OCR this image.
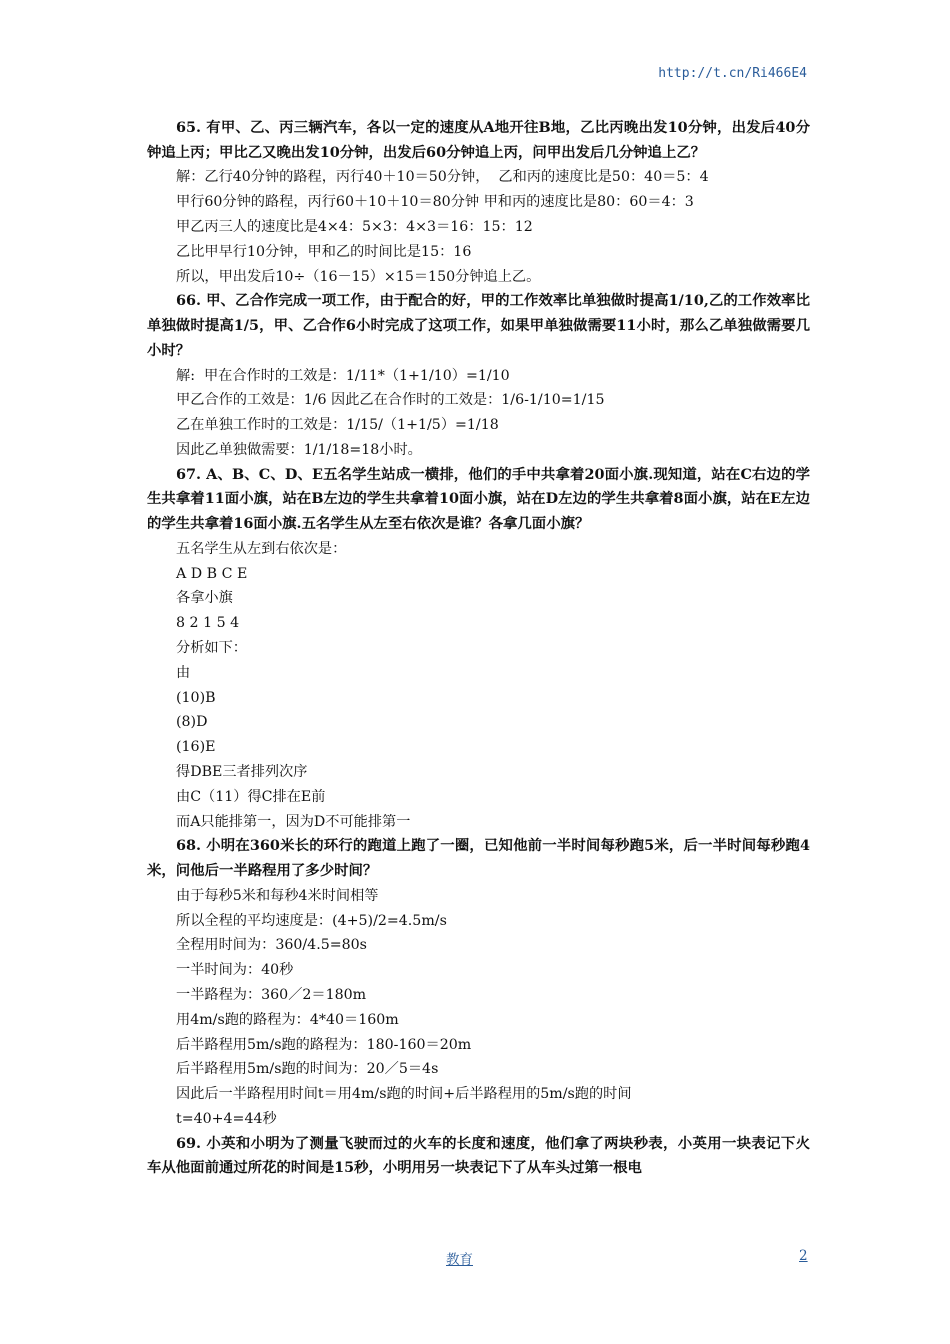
http://t.cn/Ri466E4

65. 有甲、乙、丙三辆汽车，各以一定的速度从A地开往B地，乙比丙晚出发10分钟，出发后40分钟追上丙；甲比乙又晚出发10分钟，出发后60分钟追上丙，问甲出发后几分钟追上乙？

解：乙行40分钟的路程，丙行40＋10＝50分钟，  乙和丙的速度比是50：40＝5：4

甲行60分钟的路程，丙行60＋10＋10＝80分钟 甲和丙的速度比是80：60＝4：3

甲乙丙三人的速度比是4×4：5×3：4×3＝16：15：12

乙比甲早行10分钟，甲和乙的时间比是15：16

所以，甲出发后10÷（16－15）×15＝150分钟追上乙。

66. 甲、乙合作完成一项工作，由于配合的好，甲的工作效率比单独做时提高1/10,乙的工作效率比单独做时提高1/5，甲、乙合作6小时完成了这项工作，如果甲单独做需要11小时，那么乙单独做需要几小时？

解:  甲在合作时的工效是：1/11*（1+1/10）=1/10

甲乙合作的工效是：1/6 因此乙在合作时的工效是：1/6-1/10=1/15

乙在单独工作时的工效是：1/15/（1+1/5）=1/18

因此乙单独做需要：1/1/18=18小时。

67. A、B、C、D、E五名学生站成一横排，他们的手中共拿着20面小旗.现知道，站在C右边的学生共拿着11面小旗，站在B左边的学生共拿着10面小旗，站在D左边的学生共拿着8面小旗，站在E左边的学生共拿着16面小旗.五名学生从左至右依次是谁？各拿几面小旗？

五名学生从左到右依次是：

A D B C E

各拿小旗

8 2 1 5 4

分析如下：

由

(10)B

(8)D

(16)E

得DBE三者排列次序

由C（11）得C排在E前

而A只能排第一，因为D不可能排第一

68. 小明在360米长的环行的跑道上跑了一圈，已知他前一半时间每秒跑5米，后一半时间每秒跑4米，问他后一半路程用了多少时间？

由于每秒5米和每秒4米时间相等

所以全程的平均速度是：(4+5)/2=4.5m/s

全程用时间为：360/4.5=80s

一半时间为：40秒

一半路程为：360／2＝180m

用4m/s跑的路程为：4*40＝160m

后半路程用5m/s跑的路程为：180-160＝20m

后半路程用5m/s跑的时间为：20／5＝4s

因此后一半路程用时间t＝用4m/s跑的时间+后半路程用的5m/s跑的时间

t=40+4=44秒

69. 小英和小明为了测量飞驶而过的火车的长度和速度，他们拿了两块秒表，小英用一块表记下火车从他面前通过所花的时间是15秒，小明用另一块表记下了从车头过第一根电

教育	2
